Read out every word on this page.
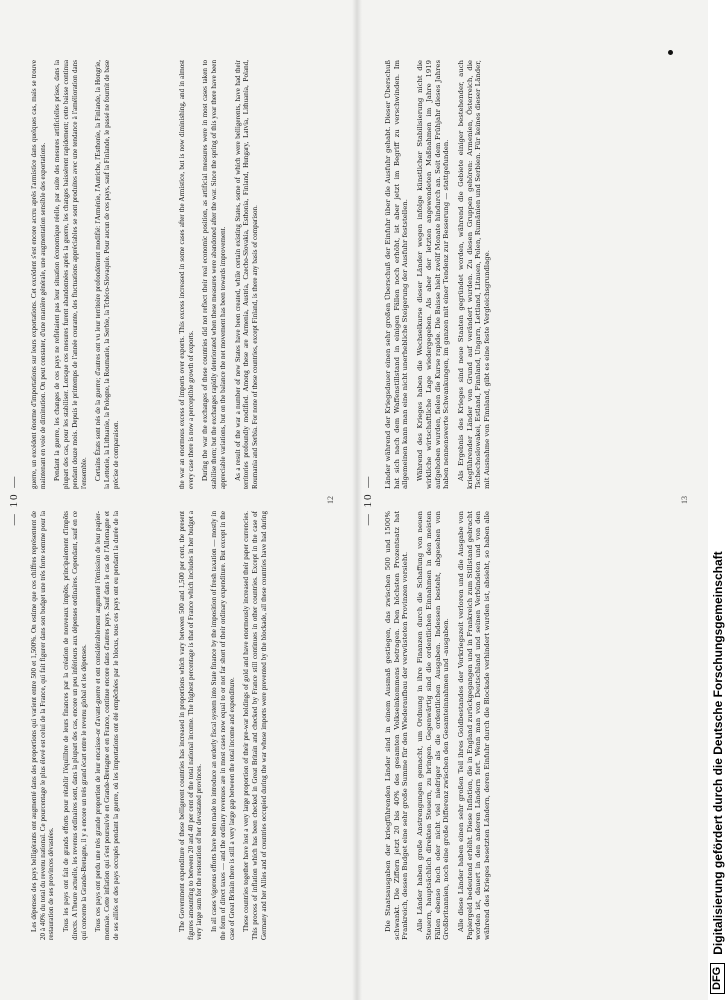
— 10 —

Les dépenses des pays belligérants ont augmenté dans des proportions qui varient entre 500 et 1,500%. On estime que ces chiffres représentent de 20 à 40% du total du revenu national. Ce pourcentage le plus élevé est celui de la France, qui fait figurer dans son budget une très forte somme pour la restauration de ses provinces dévastées. Tous les pays ont fait de grands efforts pour rétablir l'équilibre de leurs finances par la création de nouveaux impôts, principalement d'impôts directs. A l'heure actuelle, les revenus ordinaires sont, dans la plupart des cas, encore un peu inférieurs aux dépenses ordinaires. Cependant, sauf en ce qui concerne la Grande-Bretagne, il y a encore un très grand écart entre le revenu global et les dépenses. Tous ces pays ont perdu une très grande proportion de leur encaisse-or d'avant-guerre et ont considérablement augmenté l'émission de leur papier-monnaie. Cette inflation qui s'est poursuivie en Grande-Bretagne et en France, continue encore dans d'autres pays. Sauf dans le cas de l'Allemagne et de ses alliés et des pays occupés pendant la guerre, où les importations ont été empêchées par le blocus, tous ces pays ont eu pendant la durée de la guerre, un excédent énorme d'importations sur leurs exportations. Cet excédent s'est encore accru après l'armistice dans quelques cas, mais se trouve maintenant en voie de diminution. On peut constater, d'une manière générale, une augmentation sensible des exportations. Pendant la guerre, les changes de ces pays ne reflétaient pas leur situation économique réelle, par suite des mesures artificielles prises, dans la plupart des cas, pour les stabiliser. Lorsque ces mesures furent abandonnées après la guerre, les changes baissèrent rapidement; cette baisse continua pendant douze mois. Depuis le printemps de l'année courante, des fluctuations appréciables se sont produites avec une tendance à l'amélioration dans l'ensemble. Certains États sont nés de la guerre; d'autres ont vu leur territoire profondément modifié: l'Arménie, l'Autriche, l'Esthonie, la Finlande, la Hongrie, la Lettonie, la Lithuanie, la Pologne, la Roumanie, la Serbie, la Tchéco-Slovaquie. Pour aucun de ces pays, sauf la Finlande, le passé ne fournit de base précise de comparaison.

The Government expenditure of these belligerent countries has increased in proportions which vary between 500 and 1,500 per cent, the present figures amounting to between 20 and 40 per cent of the total national income. The highest percentage is that of France which includes in her budget a very large sum for the restoration of her devastated provinces. In all cases vigorous efforts have been made to introduce an orderly fiscal system into State finance by the imposition of fresh taxation — mostly in the form of direct taxes — and the ordinary revenues are in most cases now equal to or not far short of their ordinary expenditure. But except in the case of Great Britain there is still a very large gap between the total income and expenditure. These countries together have lost a very large proportion of their pre-war holdings of gold and have enormously increased their paper currencies. This process of inflation which has been checked in Great Britain and checked by France still continues in other countries. Except in the case of Germany and her Allies and of countries occupied during the war whose imports were prevented by the blockade, all these countries have had during the war an enormous excess of imports over exports. This excess increased in some cases after the Armistice, but is now diminishing, and in almost every case there is now a perceptible growth of exports. During the war the exchanges of these countries did not reflect their real economic position, as artificial measures were in most cases taken to stabilise them; but the exchanges rapidly deteriorated when these measures were abandoned after the war. Since the spring of this year there have been appreciable variations, but on the balance the net movement has been towards improvement. As a result of the war a number of new States have been created, while certain existing States, some of which were belligerents, have had their territories profoundly modified. Among these are Armenia, Austria, Czecho-Slovakia, Esthonia, Finland, Hungary, Latvia, Lithuania, Poland, Roumania and Serbia. For none of these countries, except Finland, is there any basis of comparison.

12 — 10 —

Die Staatsausgaben der kriegführenden Länder sind in einem Ausmaß gestiegen, das zwischen 500 und 1500% schwankt. Die Ziffern jetzt 20 bis 40% des gesamten Volkseinkommens betragen. Den höchsten Prozentsatz hat Frankreich, dessen Budget eine sehr große Summe für den Wiederaufbau der verwüsteten Provinzen vorsieht. Alle Länder haben große Anstrengungen gemacht, um Ordnung in ihre Finanzen durch die Schaffung von neuen Steuern, hauptsächlich direkten Steuern, zu bringen. Gegenwärtig sind die ordentlichen Einnahmen in den meisten Fällen ebenso hoch oder nicht viel niedriger als die ordentlichen Ausgaben. Indessen besteht, abgesehen von Großbritannien, noch eine große Differenz zwischen den Gesamteinnahmen und -ausgaben. Alle diese Länder haben einen sehr großen Teil ihres Goldbestandes der Vorkriegszeit verloren und die Ausgabe von Papiergeld bedeutend erhöht. Diese Inflation, die in England zurückgegangen und in Frankreich zum Stillstand gebracht worden ist, dauert in den anderen Ländern fort. Wenn man von Deutschland und seinen Verbündeten und von den während des Krieges besetzten Ländern, deren Einfuhr durch die Blockade verhindert wurden ist, absieht, so haben alle Länder während der Kriegsdauer einen sehr großen Überschuß der Einfuhr über die Ausfuhr gehabt. Dieser Überschuß hat sich nach dem Waffenstillstand in einigen Fällen noch erhöht, ist aber jetzt im Begriff zu verschwinden. Im allgemeinen kann man eine nicht unerhebliche Steigerung der Ausfuhr feststellen. Während des Krieges haben die Wechselkurse dieser Länder wegen infolge künstlicher Stabilisierung nicht die wirkliche wirtschaftliche Lage wiedergegeben. Als aber der letzten angewendeten Maßnahmen im Jahre 1919 aufgehoben wurden, fielen die Kurse rapide. Die Baisse hielt zwölf Monate hindurch an. Seit dem Frühjahr dieses Jahres haben nennenswerte Schwankungen, im ganzen mit einer Tendenz zur Besserung — stattgefunden. Als Ergebnis des Krieges sind neue Staaten gegründet worden, während die Gebiete einiger bestehender, auch kriegführender Länder von Grund auf verändert wurden. Zu diesen Gruppen gehören: Armenien, Österreich, die Tschechoslowakei, Estland, Finnland, Ungarn, Lettland, Litauen, Polen, Rumänien und Serbien. Für keines dieser Länder, mit Ausnahme von Finnland, gibt es eine feste Vergleichsgrundlage.

13
DFG
Digitalisierung gefördert durch die Deutsche Forschungsgemeinschaft
